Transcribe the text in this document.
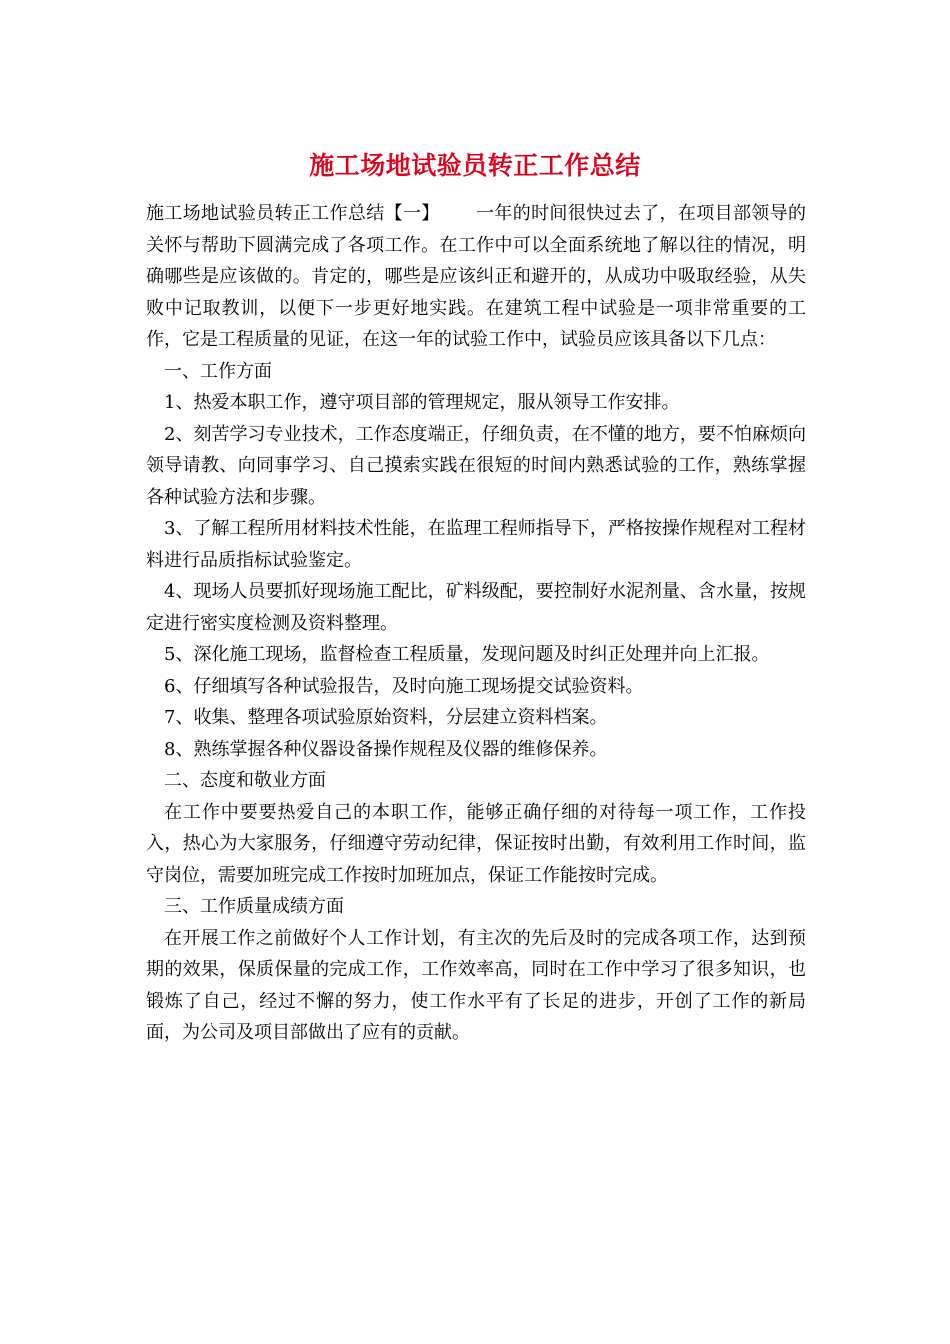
施工场地试验员转正工作总结

施工场地试验员转正工作总结【一】 一年的时间很快过去了，在项目部领导的关怀与帮助下圆满完成了各项工作。在工作中可以全面系统地了解以往的情况，明确哪些是应该做的。肯定的，哪些是应该纠正和避开的，从成功中吸取经验，从失败中记取教训，以便下一步更好地实践。在建筑工程中试验是一项非常重要的工作，它是工程质量的见证，在这一年的试验工作中，试验员应该具备以下几点：

一、工作方面

1、热爱本职工作，遵守项目部的管理规定，服从领导工作安排。

2、刻苦学习专业技术，工作态度端正，仔细负责，在不懂的地方，要不怕麻烦向领导请教、向同事学习、自己摸索实践在很短的时间内熟悉试验的工作，熟练掌握各种试验方法和步骤。

3、了解工程所用材料技术性能，在监理工程师指导下，严格按操作规程对工程材料进行品质指标试验鉴定。

4、现场人员要抓好现场施工配比，矿料级配，要控制好水泥剂量、含水量，按规定进行密实度检测及资料整理。

5、深化施工现场，监督检查工程质量，发现问题及时纠正处理并向上汇报。

6、仔细填写各种试验报告，及时向施工现场提交试验资料。

7、收集、整理各项试验原始资料，分层建立资料档案。

8、熟练掌握各种仪器设备操作规程及仪器的维修保养。

二、态度和敬业方面

在工作中要要热爱自己的本职工作，能够正确仔细的对待每一项工作，工作投入，热心为大家服务，仔细遵守劳动纪律，保证按时出勤，有效利用工作时间，监守岗位，需要加班完成工作按时加班加点，保证工作能按时完成。

三、工作质量成绩方面

在开展工作之前做好个人工作计划，有主次的先后及时的完成各项工作，达到预期的效果，保质保量的完成工作，工作效率高，同时在工作中学习了很多知识，也锻炼了自己，经过不懈的努力，使工作水平有了长足的进步，开创了工作的新局面，为公司及项目部做出了应有的贡献。
